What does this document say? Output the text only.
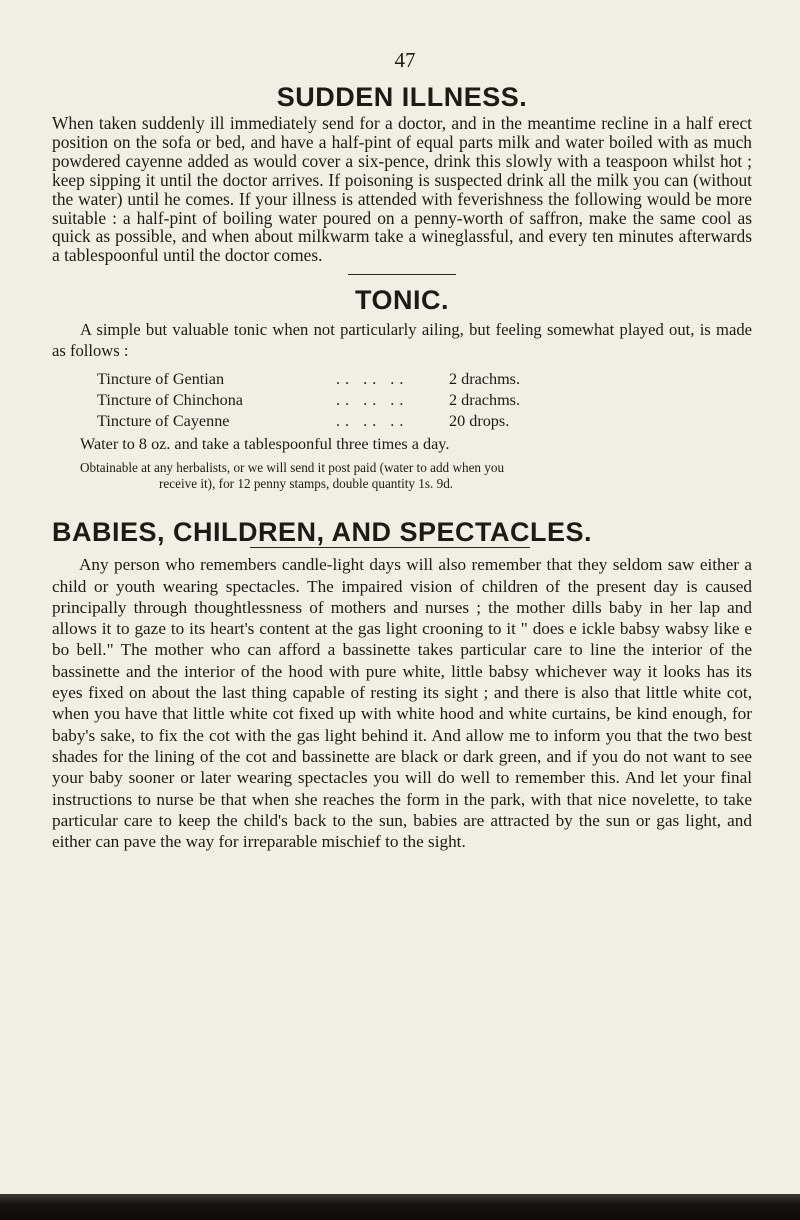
47
SUDDEN ILLNESS.

When taken suddenly ill immediately send for a doctor, and in the meantime recline in a half erect position on the sofa or bed, and have a half-pint of equal parts milk and water boiled with as much powdered cayenne added as would cover a six-pence, drink this slowly with a teaspoon whilst hot ; keep sipping it until the doctor arrives. If poisoning is suspected drink all the milk you can (without the water) until he comes. If your illness is attended with feverishness the following would be more suitable : a half-pint of boiling water poured on a penny-worth of saffron, make the same cool as quick as possible, and when about milkwarm take a wineglassful, and every ten minutes afterwards a tablespoonful until the doctor comes.

TONIC.

A simple but valuable tonic when not particularly ailing, but feeling somewhat played out, is made as follows :

Tincture of Gentian	.. .. ..	2 drachms.
Tincture of Chinchona	.. .. ..	2 drachms.
Tincture of Cayenne	.. .. ..	20 drops.

Water to 8 oz. and take a tablespoonful three times a day.

Obtainable at any herbalists, or we will send it post paid (water to add when you

receive it), for 12 penny stamps, double quantity 1s. 9d.

BABIES, CHILDREN, AND SPECTACLES.

Any person who remembers candle-light days will also remember that they seldom saw either a child or youth wearing spectacles. The impaired vision of children of the present day is caused principally through thoughtlessness of mothers and nurses ; the mother dills baby in her lap and allows it to gaze to its heart's content at the gas light crooning to it " does e ickle babsy wabsy like e bo bell." The mother who can afford a bassinette takes particular care to line the interior of the bassinette and the interior of the hood with pure white, little babsy whichever way it looks has its eyes fixed on about the last thing capable of resting its sight ; and there is also that little white cot, when you have that little white cot fixed up with white hood and white curtains, be kind enough, for baby's sake, to fix the cot with the gas light behind it. And allow me to inform you that the two best shades for the lining of the cot and bassinette are black or dark green, and if you do not want to see your baby sooner or later wearing spectacles you will do well to remember this. And let your final instructions to nurse be that when she reaches the form in the park, with that nice novelette, to take particular care to keep the child's back to the sun, babies are attracted by the sun or gas light, and either can pave the way for irreparable mischief to the sight.
